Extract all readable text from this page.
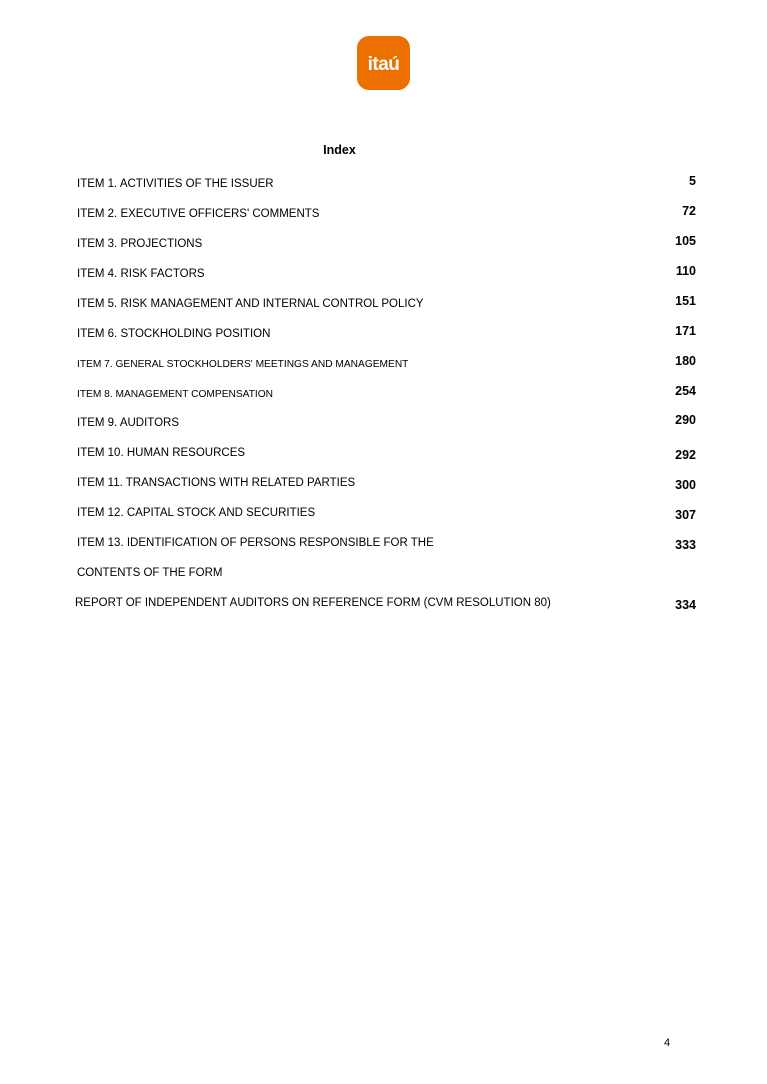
itaú
Index
ITEM 1. ACTIVITIES OF THE ISSUER	5
ITEM 2. EXECUTIVE OFFICERS' COMMENTS	72
ITEM 3. PROJECTIONS	105
ITEM 4. RISK FACTORS	110
ITEM 5. RISK MANAGEMENT AND INTERNAL CONTROL POLICY	151
ITEM 6. STOCKHOLDING POSITION	171
ITEM 7. GENERAL STOCKHOLDERS' MEETINGS AND MANAGEMENT	180
ITEM 8. MANAGEMENT COMPENSATION	254
ITEM 9. AUDITORS	290
ITEM 10. HUMAN RESOURCES	292
ITEM 11. TRANSACTIONS WITH RELATED PARTIES	300
ITEM 12. CAPITAL STOCK AND SECURITIES	307
ITEM 13. IDENTIFICATION OF PERSONS RESPONSIBLE FOR THE	333
CONTENTS OF THE FORM
REPORT OF INDEPENDENT AUDITORS ON REFERENCE FORM (CVM RESOLUTION 80)	334
4
